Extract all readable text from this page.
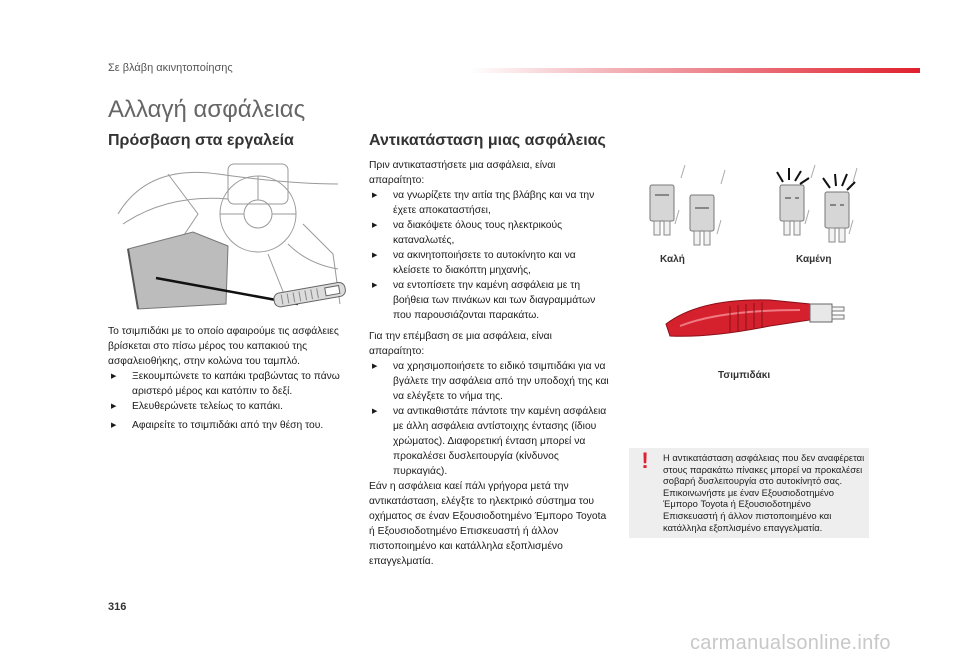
Σε βλάβη ακινητοποίησης
Αλλαγή ασφάλειας
Πρόσβαση στα εργαλεία

Το τσιμπιδάκι με το οποίο αφαιρούμε τις ασφάλειες βρίσκεται στο πίσω μέρος του καπακιού της ασφαλειοθήκης, στην κολώνα του ταμπλό.

▶ Ξεκουμπώνετε το καπάκι τραβώντας το πάνω αριστερό μέρος και κατόπιν το δεξί.

▶ Ελευθερώνετε τελείως το καπάκι.

▶ Αφαιρείτε το τσιμπιδάκι από την θέση του.

Αντικατάσταση μιας ασφάλειας

Πριν αντικαταστήσετε μια ασφάλεια, είναι απαραίτητο:

▶ να γνωρίζετε την αιτία της βλάβης και να την έχετε αποκαταστήσει,

▶ να διακόψετε όλους τους ηλεκτρικούς καταναλωτές,

▶ να ακινητοποιήσετε το αυτοκίνητο και να κλείσετε το διακόπτη μηχανής,

▶ να εντοπίσετε την καμένη ασφάλεια με τη βοήθεια των πινάκων και των διαγραμμάτων που παρουσιάζονται παρακάτω.

Για την επέμβαση σε μια ασφάλεια, είναι απαραίτητο:

▶ να χρησιμοποιήσετε το ειδικό τσιμπιδάκι για να βγάλετε την ασφάλεια από την υποδοχή της και να ελέγξετε το νήμα της.

▶ να αντικαθιστάτε πάντοτε την καμένη ασφάλεια με άλλη ασφάλεια αντίστοιχης έντασης (ίδιου χρώματος). Διαφορετική ένταση μπορεί να προκαλέσει δυσλειτουργία (κίνδυνος πυρκαγιάς).

Εάν η ασφάλεια καεί πάλι γρήγορα μετά την αντικατάσταση, ελέγξτε το ηλεκτρικό σύστημα του οχήματος σε έναν Εξουσιοδοτημένο Έμπορο Toyota ή Εξουσιοδοτημένο Επισκευαστή ή άλλον πιστοποιημένο και κατάλληλα εξοπλισμένο επαγγελματία.

Καλή	Καμένη
Τσιμπιδάκι
!	Η αντικατάσταση ασφάλειας που δεν αναφέρεται στους παρακάτω πίνακες μπορεί να προκαλέσει σοβαρή δυσλειτουργία στο αυτοκίνητό σας. Επικοινωνήστε με έναν Εξουσιοδοτημένο Έμπορο Toyota ή Εξουσιοδοτημένο Επισκευαστή ή άλλον πιστοποιημένο και κατάλληλα εξοπλισμένο επαγγελματία.
316
carmanualsonline.info
